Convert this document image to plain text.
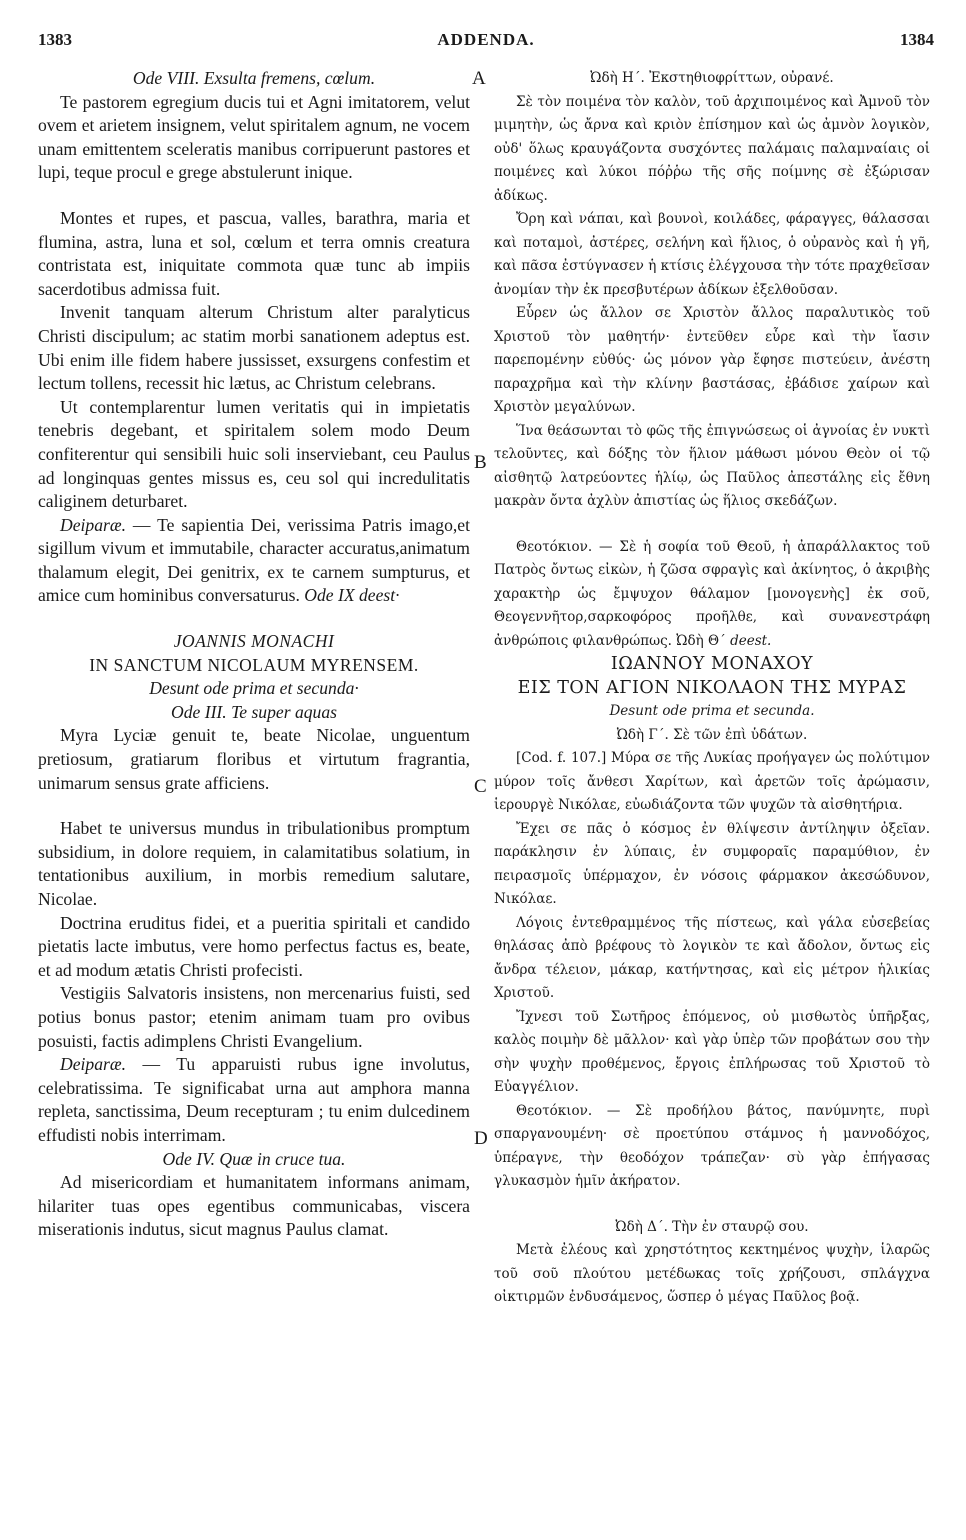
1383	ADDENDA.	1384
A
B
C
D

Ode VIII. Exsulta fremens, cœlum.

Te pastorem egregium ducis tui et Agni imitatorem, velut ovem et arietem insignem, velut spiritalem agnum, ne vocem unam emittentem sceleratis manibus corripuerunt pastores et lupi, teque procul e grege abstulerunt inique.

Montes et rupes, et pascua, valles, barathra, maria et flumina, astra, luna et sol, cœlum et terra omnis creatura contristata est, iniquitate commota quæ tunc ab impiis sacerdotibus admissa fuit.

Invenit tanquam alterum Christum alter paralyticus Christi discipulum; ac statim morbi sanationem adeptus est. Ubi enim ille fidem habere jussisset, exsurgens confestim et lectum tollens, recessit hic lætus, ac Christum celebrans.

Ut contemplarentur lumen veritatis qui in impietatis tenebris degebant, et spiritalem solem modo Deum confiterentur qui sensibili huic soli inserviebant, ceu Paulus ad longinquas gentes missus es, ceu sol qui incredulitatis caliginem deturbaret.

Deiparæ. — Te sapientia Dei, verissima Patris imago,et sigillum vivum et immutabile, character accuratus,animatum thalamum elegit, Dei genitrix, ex te carnem sumpturus, et amice cum hominibus conversaturus. Ode IX deest·

JOANNIS MONACHI

IN SANCTUM NICOLAUM MYRENSEM.

Desunt ode prima et secunda·

Ode III. Te super aquas

Myra Lyciæ genuit te, beate Nicolae, unguentum pretiosum, gratiarum floribus et virtutum fragrantia, unimarum sensus grate afficiens.

Habet te universus mundus in tribulationibus promptum subsidium, in dolore requiem, in calamitatibus solatium, in tentationibus auxilium, in morbis remedium salutare, Nicolae.

Doctrina eruditus fidei, et a pueritia spiritali et candido pietatis lacte imbutus, vere homo perfectus factus es, beate, et ad modum ætatis Christi profecisti.

Vestigiis Salvatoris insistens, non mercenarius fuisti, sed potius bonus pastor; etenim animam tuam pro ovibus posuisti, factis adimplens Christi Evangelium.

Deiparæ. — Tu apparuisti rubus igne involutus, celebratissima. Te significabat urna aut amphora manna repleta, sanctissima, Deum recepturam ; tu enim dulcedinem effudisti nobis interrimam.

Ode IV. Quæ in cruce tua.

Ad misericordiam et humanitatem informans animam, hilariter tuas opes egentibus communicabas, viscera miserationis indutus, sicut magnus Paulus clamat.

Ὠδὴ Η΄. Ἐκστηθιοφρίττων, οὐρανέ.

Σὲ τὸν ποιμένα τὸν καλὸν, τοῦ ἀρχιποιμένος καὶ Ἀμνοῦ τὸν μιμητὴν, ὡς ἄρνα καὶ κριὸν ἐπίσημον καὶ ὡς ἀμνὸν λογικὸν, οὐδ' ὅλως κραυγάζοντα συσχόντες παλάμαις παλαμναίαις οἱ ποιμένες καὶ λύκοι πόῤῥω τῆς σῆς ποίμνης σὲ ἐξώρισαν ἀδίκως.

Ὄρη καὶ νάπαι, καὶ βουνοὶ, κοιλάδες, φάραγγες, θάλασσαι καὶ ποταμοὶ, ἀστέρες, σελήνη καὶ ἥλιος, ὁ οὐρανὸς καὶ ἡ γῆ, καὶ πᾶσα ἐστύγνασεν ἡ κτίσις ἐλέγχουσα τὴν τότε πραχθεῖσαν ἀνομίαν τὴν ἐκ πρεσβυτέρων ἀδίκων ἐξελθοῦσαν.

Εὗρεν ὡς ἄλλον σε Χριστὸν ἄλλος παραλυτικὸς τοῦ Χριστοῦ τὸν μαθητήν· ἐντεῦθεν εὗρε καὶ τὴν ἴασιν παρεπομένην εὐθύς· ὡς μόνον γὰρ ἔφησε πιστεύειν, ἀνέστη παραχρῆμα καὶ τὴν κλίνην βαστάσας, ἐβάδισε χαίρων καὶ Χριστὸν μεγαλύνων.

Ἵνα θεάσωνται τὸ φῶς τῆς ἐπιγνώσεως οἱ ἀγνοίας ἐν νυκτὶ τελοῦντες, καὶ δόξης τὸν ἥλιον μάθωσι μόνου Θεὸν οἱ τῷ αἰσθητῷ λατρεύοντες ἡλίῳ, ὡς Παῦλος ἀπεστάλης εἰς ἔθνη μακρὰν ὄντα ἀχλὺν ἀπιστίας ὡς ἥλιος σκεδάζων.

Θεοτόκιον. — Σὲ ἡ σοφία τοῦ Θεοῦ, ἡ ἀπαράλλακτος τοῦ Πατρὸς ὄντως εἰκὼν, ἡ ζῶσα σφραγὶς καὶ ἀκίνητος, ὁ ἀκριβὴς χαρακτὴρ ὡς ἔμψυχον θάλαμον [μονογενὴς] ἐκ σοῦ, Θεογεννῆτορ,σαρκοφόρος προῆλθε, καὶ συνανεστράφη ἀνθρώποις φιλανθρώπως. Ὠδὴ Θ΄ deest.

ΙΩΑΝΝΟΥ ΜΟΝΑΧΟΥ

ΕΙΣ ΤΟΝ ΑΓΙΟΝ ΝΙΚΟΛΑΟΝ ΤΗΣ ΜΥΡΑΣ

Desunt ode prima et secunda.

Ὠδὴ Γ΄. Σὲ τῶν ἐπὶ ὑδάτων.

[Cod. f. 107.] Μύρα σε τῆς Λυκίας προήγαγεν ὡς πολύτιμον μύρον τοῖς ἄνθεσι Χαρίτων, καὶ ἀρετῶν τοῖς ἀρώμασιν, ἱερουργὲ Νικόλαε, εὐωδιάζοντα τῶν ψυχῶν τὰ αἰσθητήρια.

Ἔχει σε πᾶς ὁ κόσμος ἐν θλίψεσιν ἀντίληψιν ὀξεῖαν. παράκλησιν ἐν λύπαις, ἐν συμφοραῖς παραμύθιον, ἐν πειρασμοῖς ὑπέρμαχον, ἐν νόσοις φάρμακον ἀκεσώδυνον, Νικόλαε.

Λόγοις ἐντεθραμμένος τῆς πίστεως, καὶ γάλα εὐσεβείας θηλάσας ἀπὸ βρέφους τὸ λογικὸν τε καὶ ἄδολον, ὄντως εἰς ἄνδρα τέλειον, μάκαρ, κατήντησας, καὶ εἰς μέτρον ἡλικίας Χριστοῦ.

Ἴχνεσι τοῦ Σωτῆρος ἑπόμενος, οὐ μισθωτὸς ὑπῆρξας, καλὸς ποιμὴν δὲ μᾶλλον· καὶ γὰρ ὑπὲρ τῶν προβάτων σου τὴν σὴν ψυχὴν προθέμενος, ἔργοις ἐπλήρωσας τοῦ Χριστοῦ τὸ Εὐαγγέλιον.

Θεοτόκιον. — Σὲ προδήλου βάτος, πανύμνητε, πυρὶ σπαργανουμένη· σὲ προετύπου στάμνος ἡ μαννοδόχος, ὑπέραγνε, τὴν θεοδόχον τράπεζαν· σὺ γὰρ ἐπήγασας γλυκασμὸν ἡμῖν ἀκήρατον.

Ὠδὴ Δ΄. Τὴν ἐν σταυρῷ σου.

Μετὰ ἐλέους καὶ χρηστότητος κεκτημένος ψυχὴν, ἱλαρῶς τοῦ σοῦ πλούτου μετέδωκας τοῖς χρήζουσι, σπλάγχνα οἰκτιρμῶν ἐνδυσάμενος, ὥσπερ ὁ μέγας Παῦλος βοᾷ.
